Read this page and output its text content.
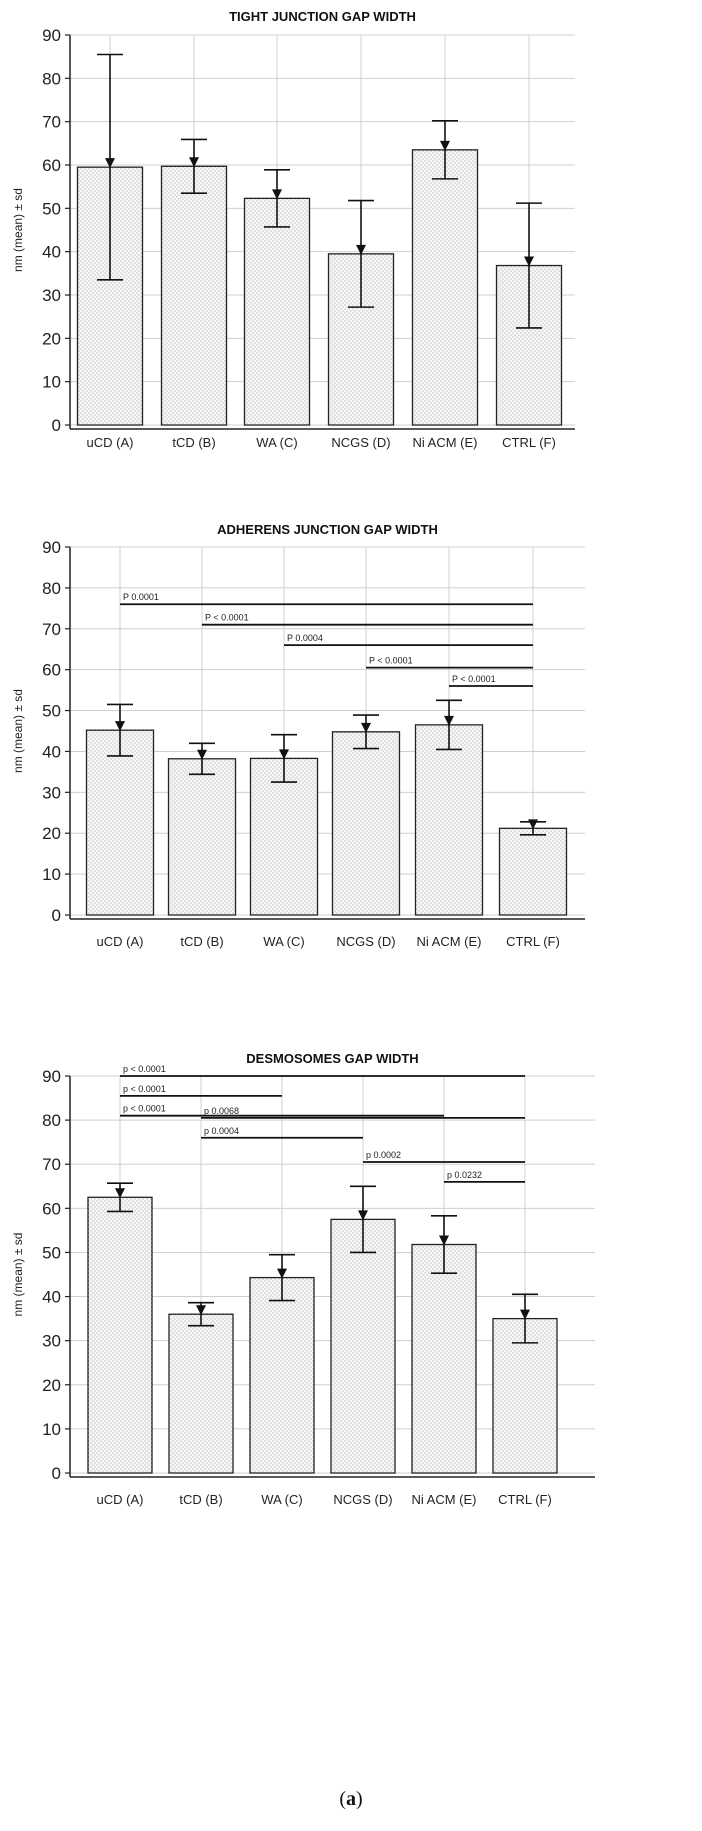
TIGHT JUNCTION GAP WIDTH
nm (mean) ± sd
0
10
20
30
40
50
60
70
80
90
uCD (A)	tCD (B)	WA (C)	NCGS (D) Ni ACM (E) CTRL (F)
ADHERENS JUNCTION GAP WIDTH
nm (mean) ± sd
0
10
20
30
40
50
60
70
80
90
P 0.0001
P < 0.0001
P 0.0004
P < 0.0001
P < 0.0001
uCD (A)	tCD (B)	WA (C) NCGS (D) Ni ACM (E) CTRL (F)
DESMOSOMES GAP WIDTH
nm (mean) ± sd
0
10
20
30
40
50
60
70
80
90	p < 0.0001
p < 0.0001
p < 0.0001	p 0.0068
p 0.0004
p 0.0002
p 0.0232
uCD (A)	tCD (B)	WA (C) NCGS (D) Ni ACM (E) CTRL (F)
(a)
